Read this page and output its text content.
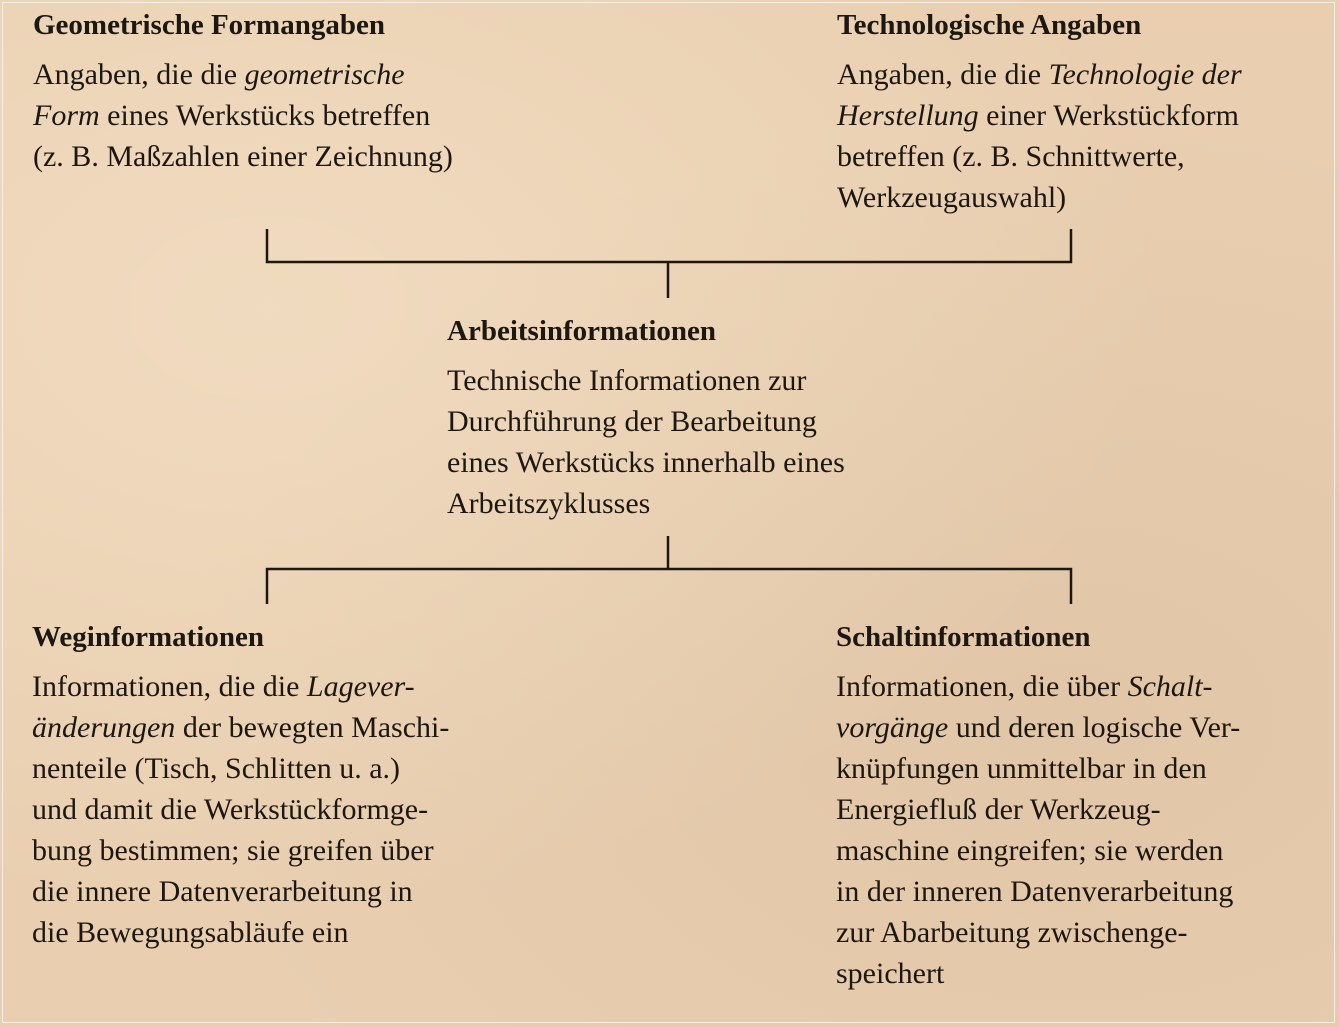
Geometrische Formangaben
Angaben, die die geometrische
Form eines Werkstücks betreffen
(z. B. Maßzahlen einer Zeichnung)
Technologische Angaben
Angaben, die die Technologie der
Herstellung einer Werkstückform
betreffen (z. B. Schnittwerte,
Werkzeugauswahl)
Arbeitsinformationen
Technische Informationen zur
Durchführung der Bearbeitung
eines Werkstücks innerhalb eines
Arbeitszyklusses
Weginformationen
Informationen, die die Lagever-
änderungen der bewegten Maschi-
nenteile (Tisch, Schlitten u. a.)
und damit die Werkstückformge-
bung bestimmen; sie greifen über
die innere Datenverarbeitung in
die Bewegungsabläufe ein
Schaltinformationen
Informationen, die über Schalt-
vorgänge und deren logische Ver-
knüpfungen unmittelbar in den
Energiefluß der Werkzeug-
maschine eingreifen; sie werden
in der inneren Datenverarbeitung
zur Abarbeitung zwischenge-
speichert
